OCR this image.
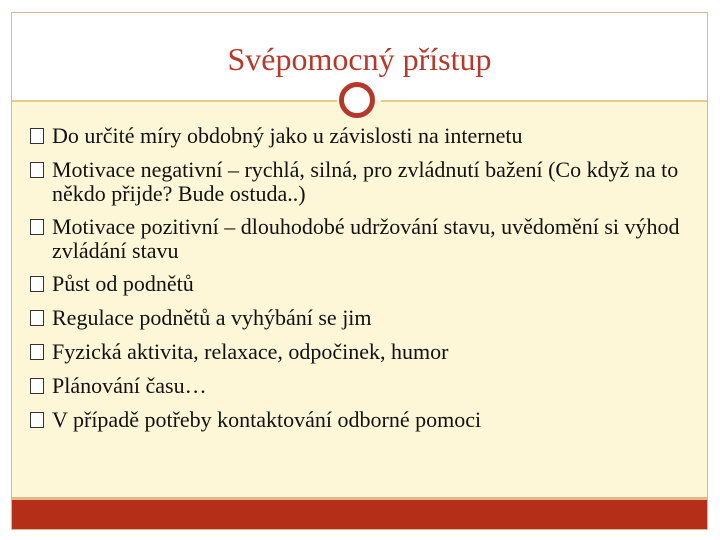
Svépomocný přístup
Do určité míry obdobný jako u závislosti na internetu
Motivace negativní – rychlá, silná, pro zvládnutí bažení (Co když na to někdo přijde? Bude ostuda..)
Motivace pozitivní – dlouhodobé udržování stavu, uvědomění si výhod zvládání stavu
Půst od podnětů
Regulace podnětů a vyhýbání se jim
Fyzická aktivita, relaxace, odpočinek, humor
Plánování času…
V případě potřeby kontaktování odborné pomoci
